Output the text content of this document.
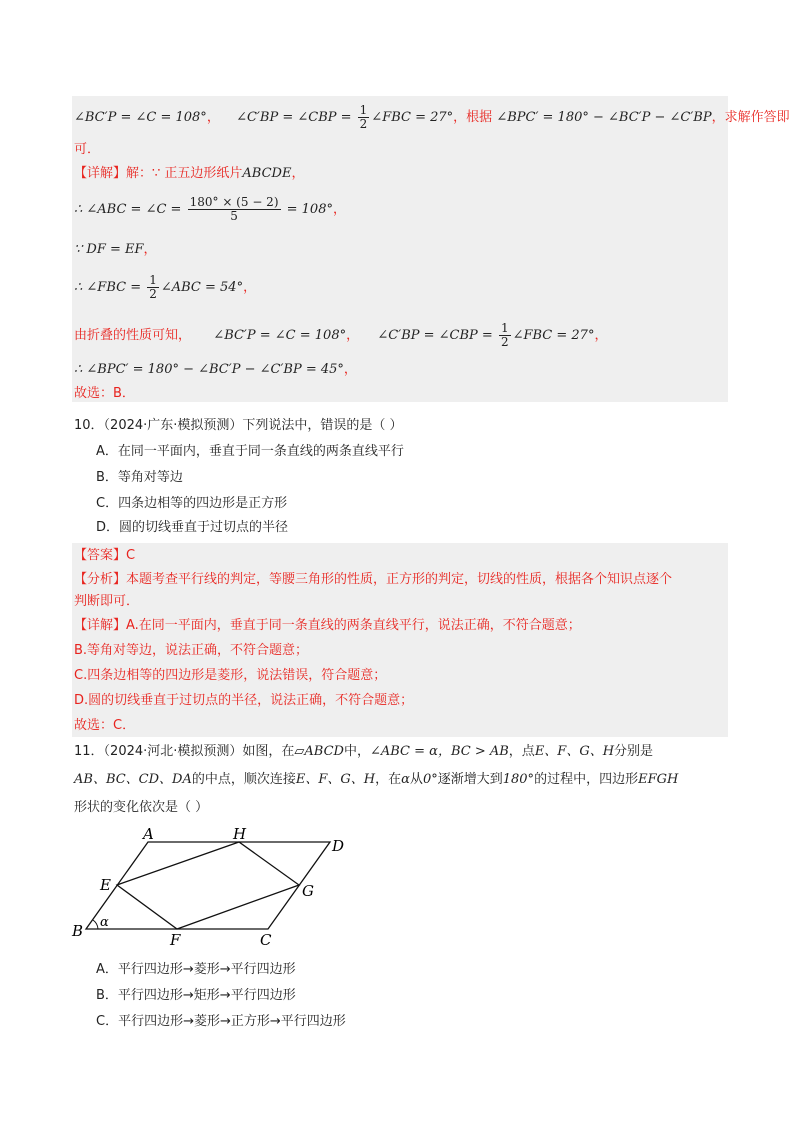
∠BC′P = ∠C = 108°， ∠C′BP = ∠CBP = $\frac{1}{2}$ ∠FBC = 27°，根据 ∠BPC′ = 180° − ∠BC′P − ∠C′BP，求解作答即
可．
【详解】解：∵ 正五边形纸片ABCDE，
∴ ∠ABC = ∠C = $\frac{180^\circ \times (5 - 2)}{5} = 108^\circ$，
∵ DF = EF，
∴ ∠FBC = $\frac{1}{2}$ ∠ABC = 54°，
由折叠的性质可知， ∠BC′P = ∠C = 108°， ∠C′BP = ∠CBP = $\frac{1}{2}$ ∠FBC = 27°，
∴ ∠BPC′ = 180° − ∠BC′P − ∠C′BP = 45°，
故选：B．
10．（2024·广东·模拟预测）下列说法中，错误的是（ ）
A．在同一平面内，垂直于同一条直线的两条直线平行
B．等角对等边
C．四条边相等的四边形是正方形
D．圆的切线垂直于过切点的半径
【答案】C
【分析】本题考查平行线的判定，等腰三角形的性质，正方形的判定，切线的性质，根据各个知识点逐个
判断即可．
【详解】A.在同一平面内，垂直于同一条直线的两条直线平行，说法正确，不符合题意；
B.等角对等边，说法正确，不符合题意；
C.四条边相等的四边形是菱形，说法错误，符合题意；
D.圆的切线垂直于过切点的半径，说法正确，不符合题意；
故选：C．
11．（2024·河北·模拟预测）如图，在▱ABCD中，∠ABC = α，BC > AB，点E、F、G、H分别是
AB、BC、CD、DA的中点，顺次连接E、F、G、H，在α从0°逐渐增大到180°的过程中，四边形EFGH
形状的变化依次是（ ）
A	H
D
E	G
B	F	C
α
A．平行四边形→菱形→平行四边形
B．平行四边形→矩形→平行四边形
C．平行四边形→菱形→正方形→平行四边形
